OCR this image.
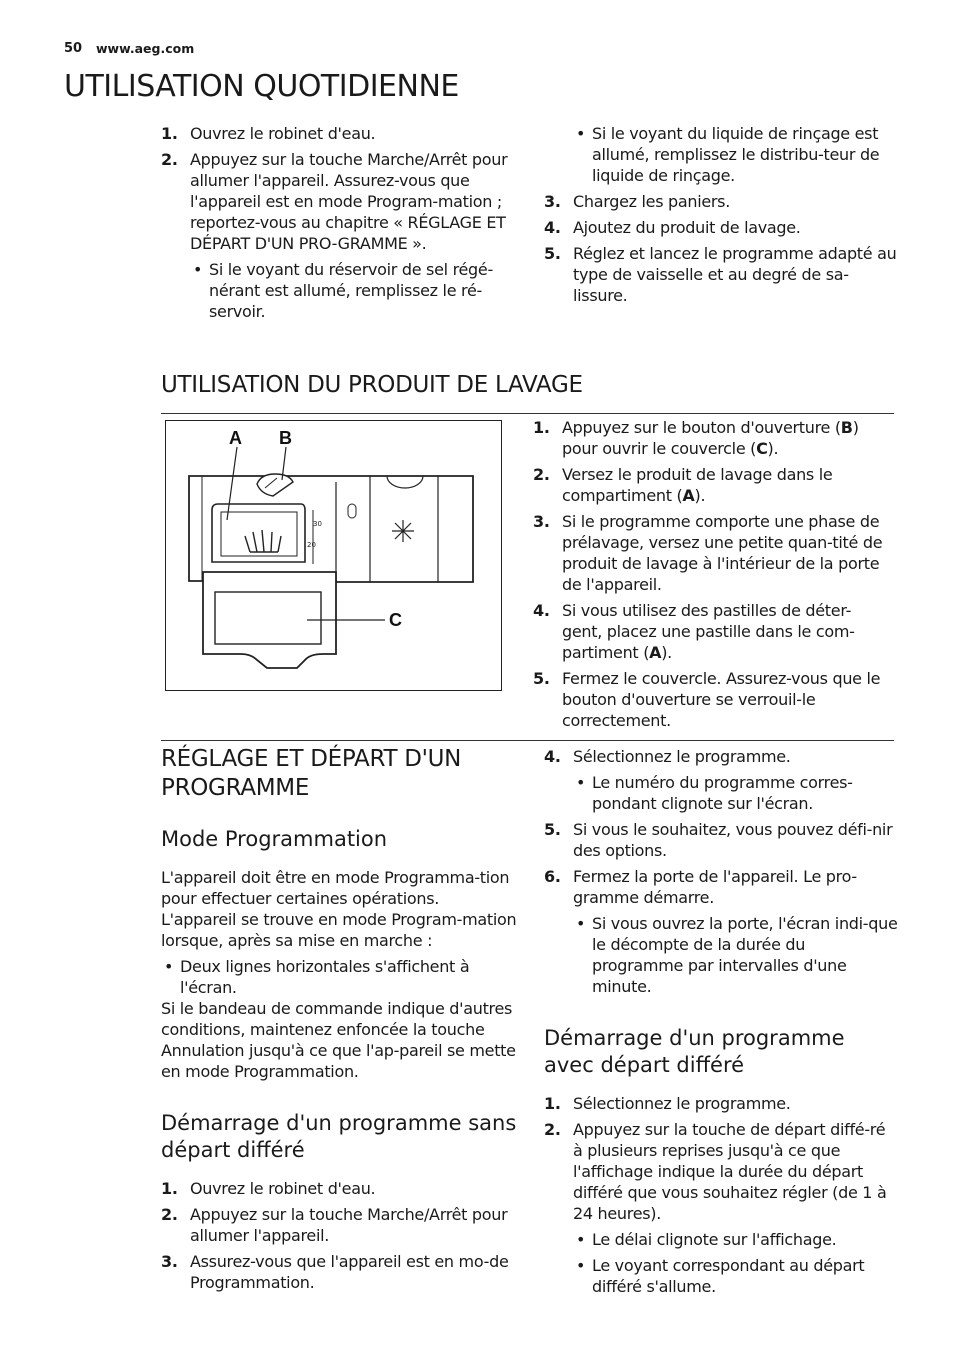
50 www.aeg.com
UTILISATION QUOTIDIENNE
1. Ouvrez le robinet d'eau.
2. Appuyez sur la touche Marche/Arrêt pour allumer l'appareil. Assurez-vous que l'appareil est en mode Program-mation ; reportez-vous au chapitre « RÉGLAGE ET DÉPART D'UN PRO-GRAMME ».
• Si le voyant du réservoir de sel régé-nérant est allumé, remplissez le ré-servoir.
• Si le voyant du liquide de rinçage est allumé, remplissez le distribu-teur de liquide de rinçage.
3. Chargez les paniers.
4. Ajoutez du produit de lavage.
5. Réglez et lancez le programme adapté au type de vaisselle et au degré de sa-lissure.
UTILISATION DU PRODUIT DE LAVAGE
30
20
A B
C
1. Appuyez sur le bouton d'ouverture (B) pour ouvrir le couvercle (C).
2. Versez le produit de lavage dans le compartiment (A).
3. Si le programme comporte une phase de prélavage, versez une petite quan-tité de produit de lavage à l'intérieur de la porte de l'appareil.
4. Si vous utilisez des pastilles de déter-gent, placez une pastille dans le com-partiment (A).
5. Fermez le couvercle. Assurez-vous que le bouton d'ouverture se verrouil-le correctement.
RÉGLAGE ET DÉPART D'UN PROGRAMME
Mode Programmation

L'appareil doit être en mode Programma-tion pour effectuer certaines opérations. L'appareil se trouve en mode Program-mation lorsque, après sa mise en marche :

• Deux lignes horizontales s'affichent à l'écran.

Si le bandeau de commande indique d'autres conditions, maintenez enfoncée la touche Annulation jusqu'à ce que l'ap-pareil se mette en mode Programmation.

Démarrage d'un programme sans départ différé
1. Ouvrez le robinet d'eau.
2. Appuyez sur la touche Marche/Arrêt pour allumer l'appareil.
3. Assurez-vous que l'appareil est en mo-de Programmation.
4. Sélectionnez le programme.
• Le numéro du programme corres-pondant clignote sur l'écran.
5. Si vous le souhaitez, vous pouvez défi-nir des options.
6. Fermez la porte de l'appareil. Le pro-gramme démarre.
• Si vous ouvrez la porte, l'écran indi-que le décompte de la durée du programme par intervalles d'une minute.
Démarrage d'un programme avec départ différé
1. Sélectionnez le programme.
2. Appuyez sur la touche de départ diffé-ré à plusieurs reprises jusqu'à ce que l'affichage indique la durée du départ différé que vous souhaitez régler (de 1 à 24 heures).
• Le délai clignote sur l'affichage.
• Le voyant correspondant au départ différé s'allume.
